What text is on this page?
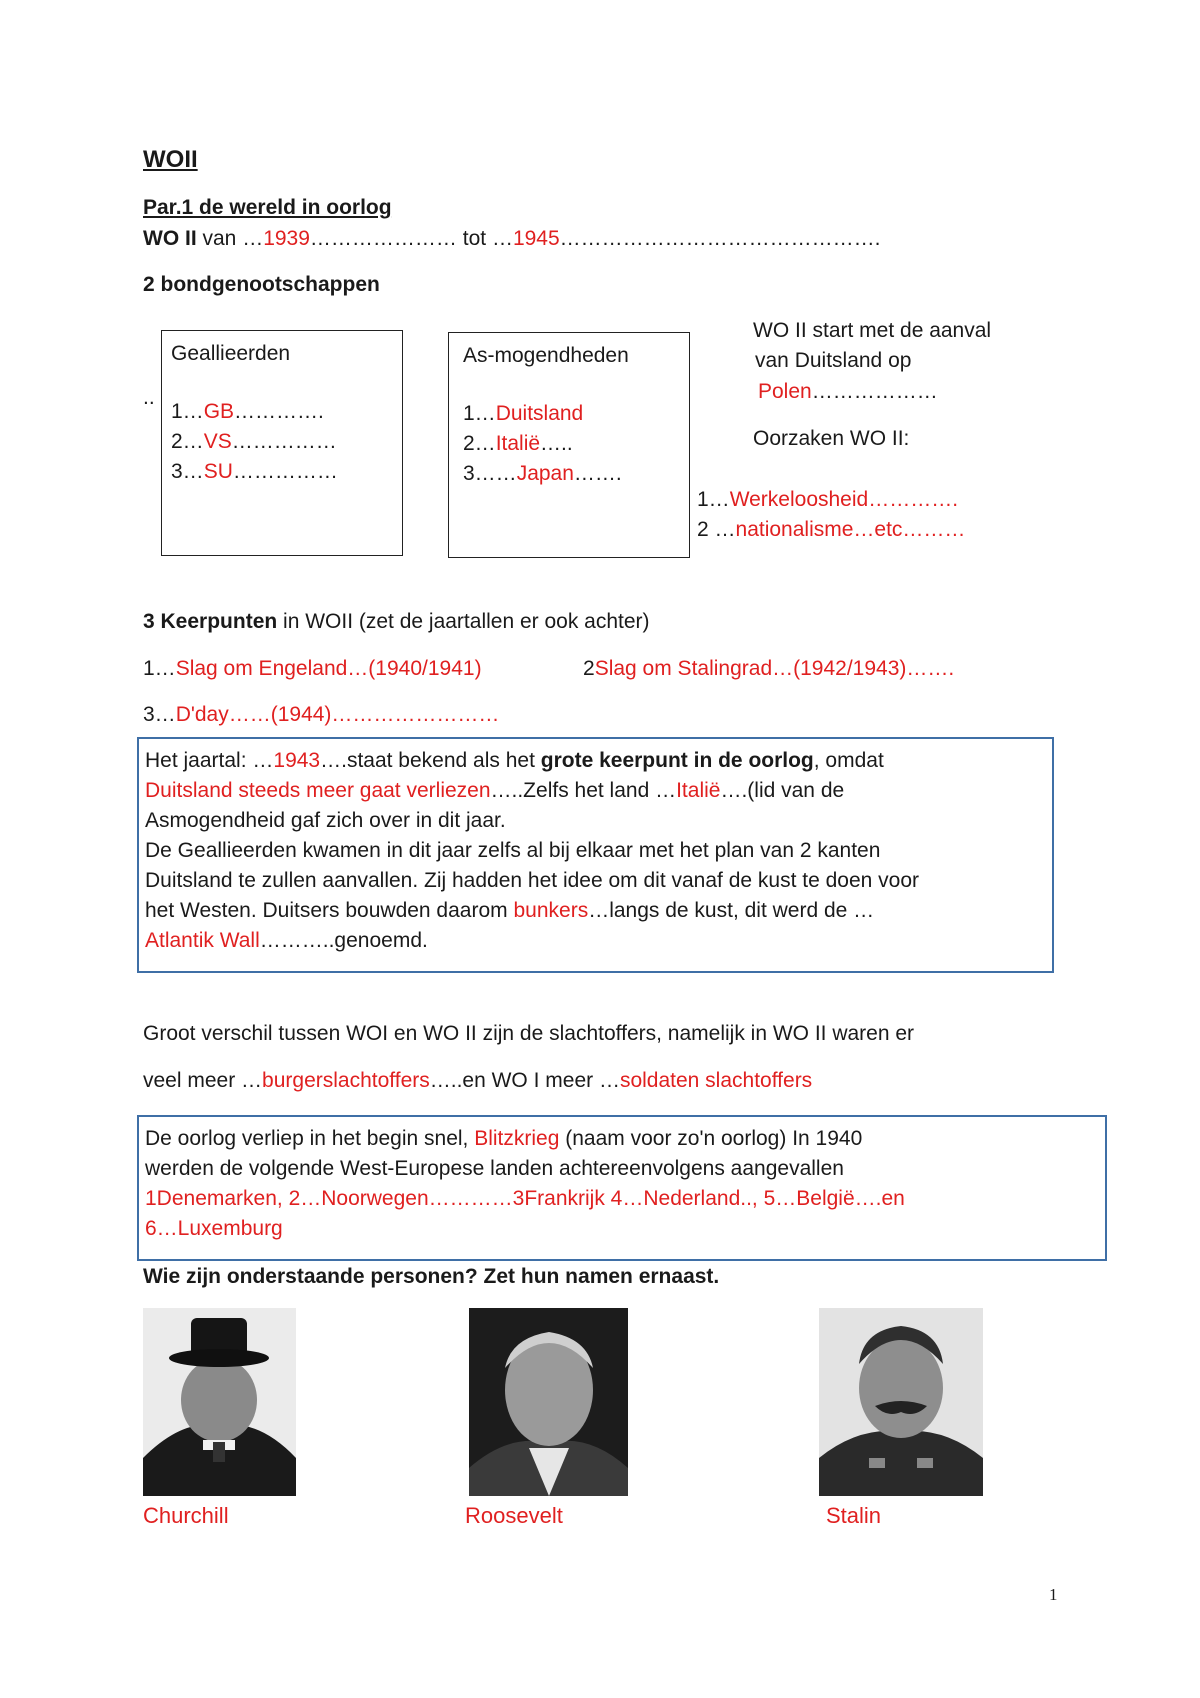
WOII
Par.1 de wereld in oorlog
WO II van …1939………………… tot …1945……………………………………….
2 bondgenootschappen
..
Geallieerden
1…GB………….
2…VS……………
3…SU……………
As-mogendheden
1…Duitsland
2…Italië…..
3……Japan…….
WO II start met de aanval
van Duitsland op
Polen………………
Oorzaken WO II:
1…Werkeloosheid………….
2 …nationalisme…etc………
3 Keerpunten in WOII (zet de jaartallen er ook achter)
1…Slag om Engeland…(1940/1941)	2Slag om Stalingrad…(1942/1943)…….
3…D'day……(1944)……………………
Het jaartal: …1943….staat bekend als het grote keerpunt in de oorlog, omdat
Duitsland steeds meer gaat verliezen…..Zelfs het land …Italië….(lid van de
Asmogendheid gaf zich over in dit jaar.
De Geallieerden kwamen in dit jaar zelfs al bij elkaar met het plan van 2 kanten
Duitsland te zullen aanvallen. Zij hadden het idee om dit vanaf de kust te doen voor
het Westen. Duitsers bouwden daarom bunkers…langs de kust, dit werd de …
Atlantik Wall………..genoemd.
Groot verschil tussen WOI en WO II zijn de slachtoffers, namelijk in WO II waren er
veel meer …burgerslachtoffers…..en WO I meer …soldaten slachtoffers
De oorlog verliep in het begin snel, Blitzkrieg (naam voor zo'n oorlog) In 1940
werden de volgende West-Europese landen achtereenvolgens aangevallen
1Denemarken, 2…Noorwegen…………3Frankrijk 4…Nederland.., 5…België….en
6…Luxemburg
Wie zijn onderstaande personen? Zet hun namen ernaast.
Churchill	Roosevelt	Stalin
1
